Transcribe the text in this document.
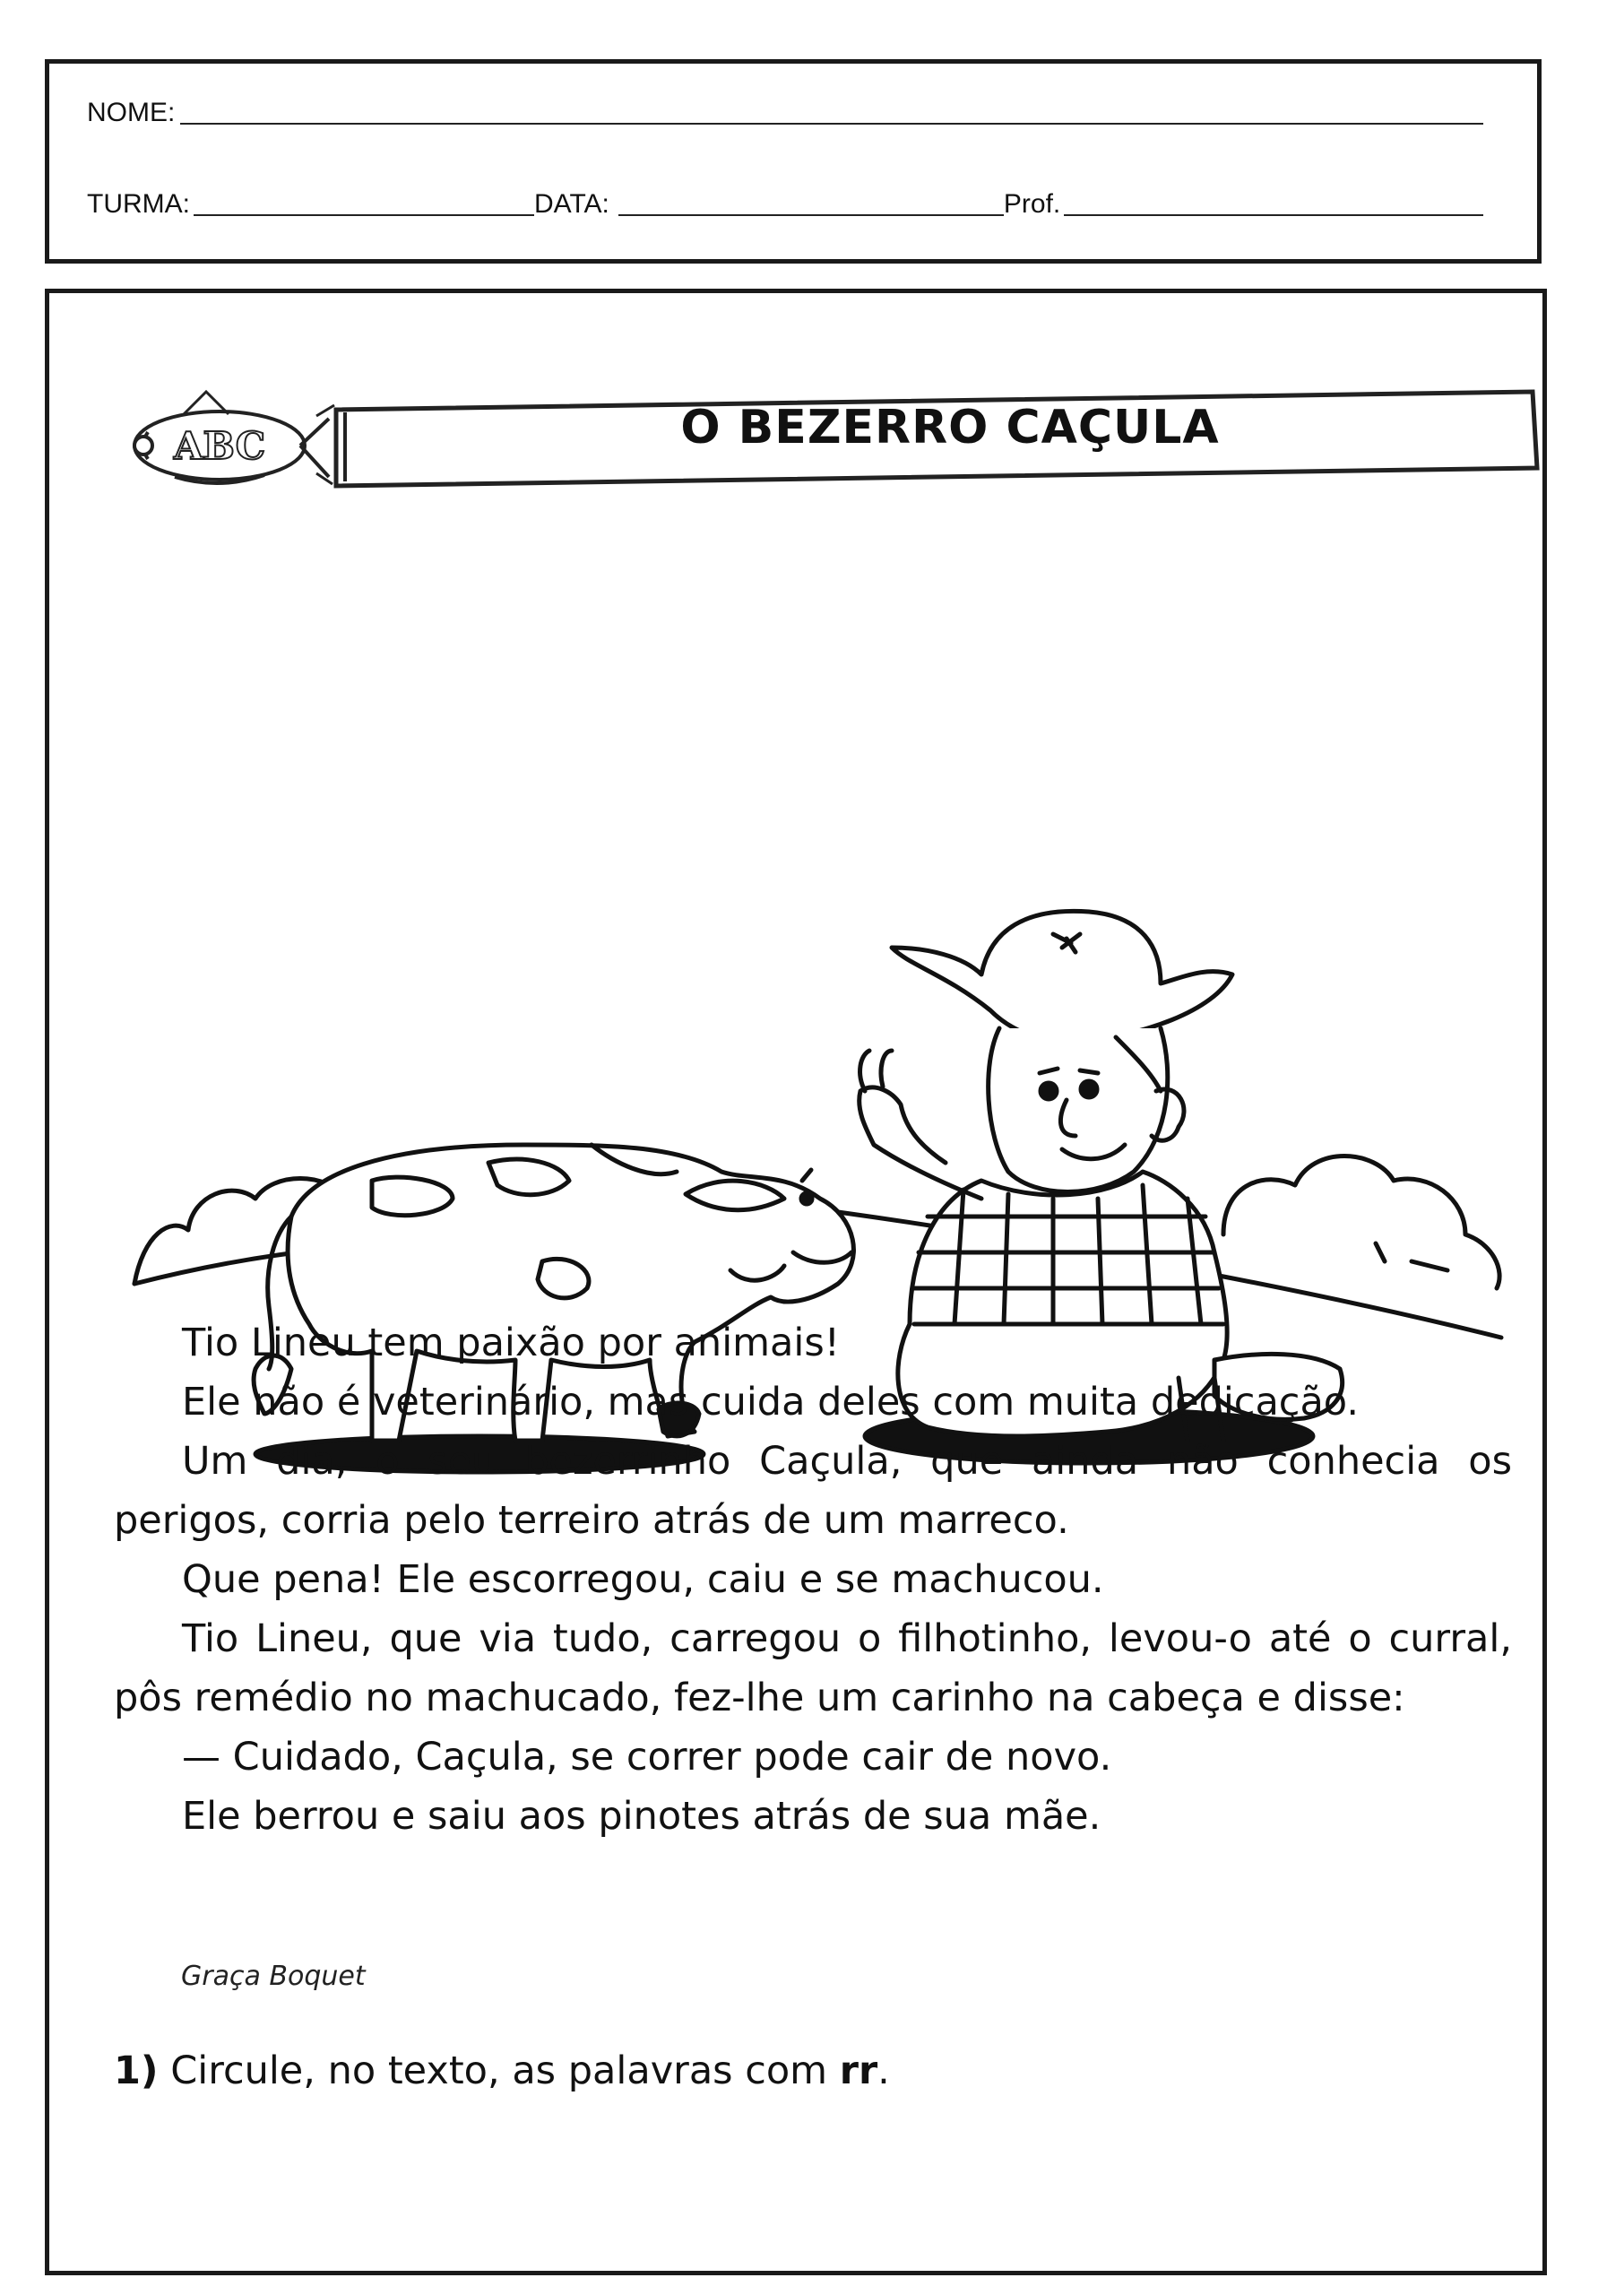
NOME:
TURMA:	DATA:	Prof.
ABC	O BEZERRO CAÇULA

Tio Lineu tem paixão por animais!

Ele não é veterinário, mas cuida deles com muita dedicação.

Um dia, o seu bezerrinho Caçula, que ainda não conhecia os perigos, corria pelo terreiro atrás de um marreco.

Que pena! Ele escorregou, caiu e se machucou.

Tio Lineu, que via tudo, carregou o filhotinho, levou-o até o curral, pôs remédio no machucado, fez-lhe um carinho na cabeça e disse:

— Cuidado, Caçula, se correr pode cair de novo.

Ele berrou e saiu aos pinotes atrás de sua mãe.

Graça Boquet
1) Circule, no texto, as palavras com rr.
